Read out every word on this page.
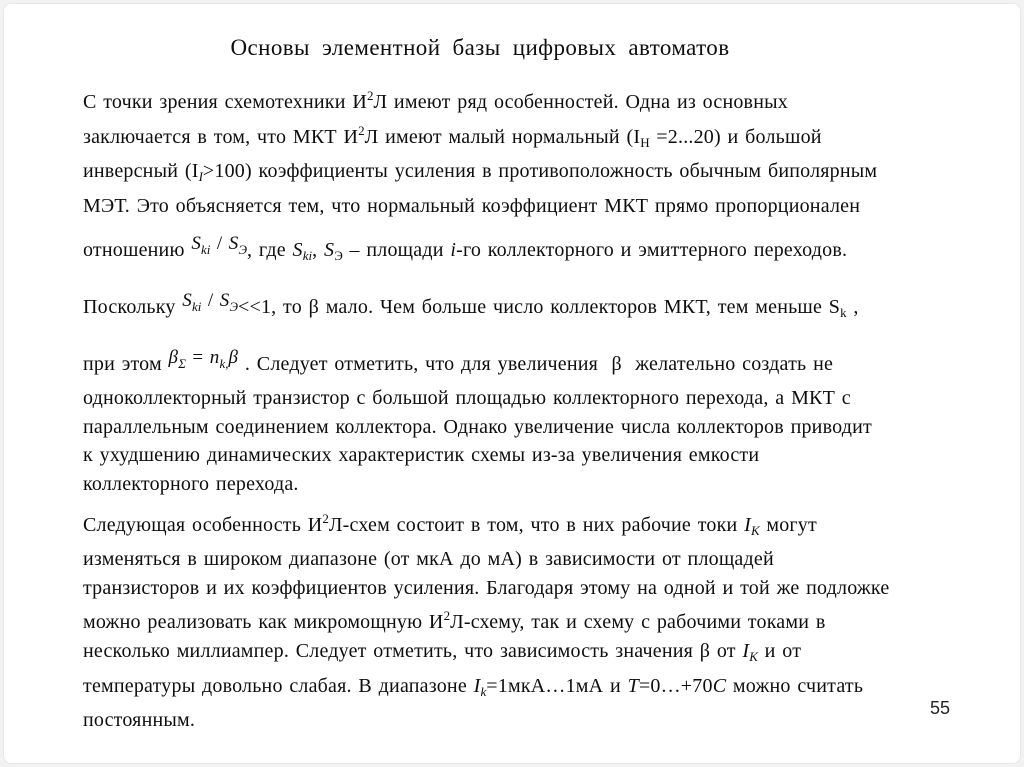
Основы элементной базы цифровых автоматов
С точки зрения схемотехники $И^2Л$ имеют ряд особенностей. Одна из основных
заключается в том, что МКТ $И^2Л$ имеют малый нормальный $(I_Н =2...20)$ и большой
инверсный $(I_I>100)$ коэффициенты усиления в противоположность обычным биполярным
МЭТ. Это объясняется тем, что нормальный коэффициент МКТ прямо пропорционален
отношению Ski / SЭ, где $S_{ki}$, $S_Э$ – площади i-го коллекторного и эмиттерного переходов.
Поскольку Ski / SЭ<<1, то β мало. Чем больше число коллекторов МКТ, тем меньше $S_k$ ,
при этом βΣ = nk,β . Следует отметить, что для увеличения  β  желательно создать не
одноколлекторный транзистор с большой площадью коллекторного перехода, а МКТ с
параллельным соединением коллектора. Однако увеличение числа коллекторов приводит
к ухудшению динамических характеристик схемы из-за увеличения емкости
коллекторного перехода.
Следующая особенность $И^2Л$-схем состоит в том, что в них рабочие токи $I_K$ могут
изменяться в широком диапазоне (от мкА до мА) в зависимости от площадей
транзисторов и их коэффициентов усиления. Благодаря этому на одной и той же подложке
можно реализовать как микромощную $И^2Л$-схему, так и схему с рабочими токами в
несколько миллиампер. Следует отметить, что зависимость значения β от $I_K$ и от
температуры довольно слабая. В диапазоне $I_k=1мкА\dots 1мА$ и T=0…+70C можно считать
постоянным.
55
